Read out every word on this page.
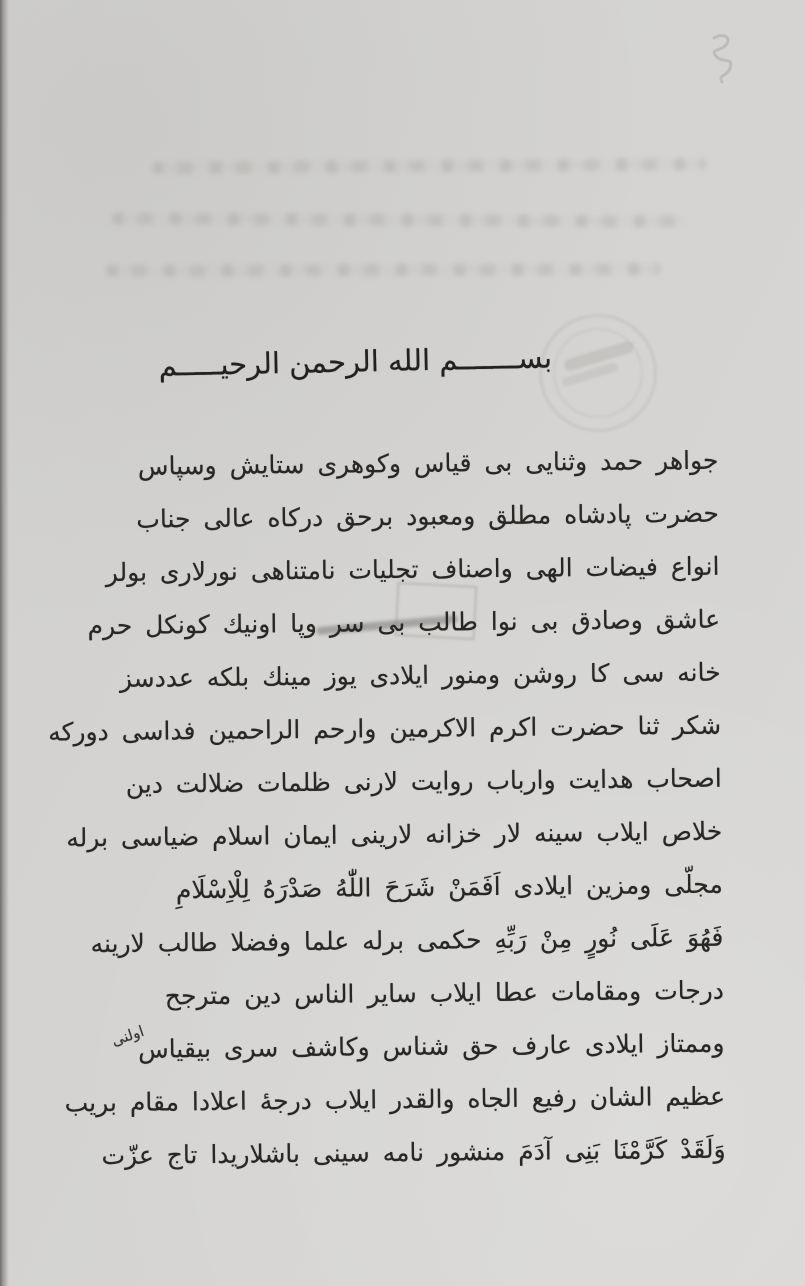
بســـــــم الله الرحمن الرحيـــــم
جواهر حمد وثنايى بى قياس وكوهرى ستايش وسپاس
حضرت پادشاه مطلق ومعبود برحق دركاه عالى جناب
انواع فيضات الهى واصناف تجليات نامتناهى نورلارى بولر
عاشق وصادق بى نوا طالب بى سر وپا اونيك كونكل حرم
خانه سى كا روشن ومنور ايلادى يوز مينك بلكه عددسز
شكر ثنا حضرت اكرم الاكرمين وارحم الراحمين فداسى دوركه
اصحاب هدايت وارباب روايت لارنى ظلمات ضلالت دين
خلاص ايلاب سينه لار خزانه لارينى ايمان اسلام ضياسى برله
مجلّى ومزين ايلادى اَفَمَنْ شَرَحَ اللّٰهُ صَدْرَهُ لِلْاِسْلَامِ
فَهُوَ عَلَى نُورٍ مِنْ رَبِّهِ حكمى برله علما وفضلا طالب لارينه
درجات ومقامات عطا ايلاب ساير الناس دين مترجح
وممتاز ايلادى عارف حق شناس وكاشف سرى بيقياساولنى
عظيم الشان رفيع الجاه والقدر ايلاب درجهٔ اعلادا مقام بريب
وَلَقَدْ كَرَّمْنَا بَنِى آدَمَ منشور نامه سينى باشلاريدا تاج عزّت
